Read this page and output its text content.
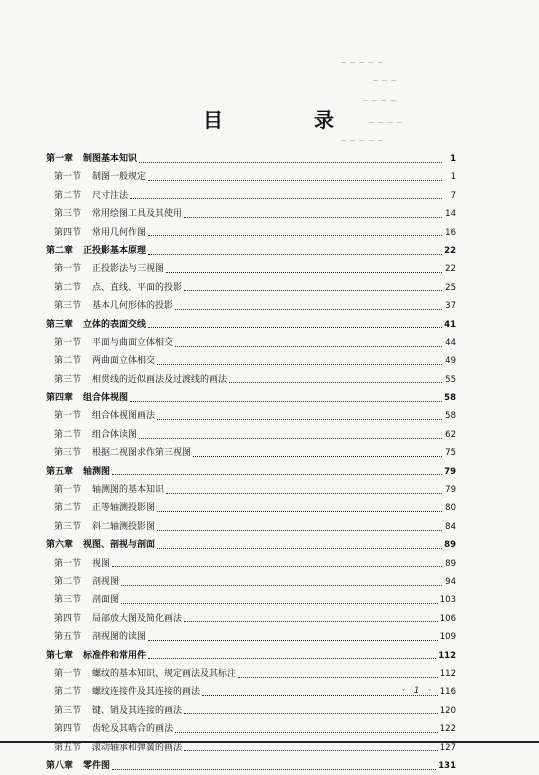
目 录
~ ~ ~ ~ ~
~ ~ ~
~ ~ ~ ~
~ ~ ~ ~
~ ~ ~ ~ ~
第一章	制图基本知识	1
第一节	制图一般规定	1
第二节	尺寸注法	7
第三节	常用绘图工具及其使用	14
第四节	常用几何作图	16
第二章	正投影基本原理	22
第一节	正投影法与三视图	22
第二节	点、直线、平面的投影	25
第三节	基本几何形体的投影	37
第三章	立体的表面交线	41
第一节	平面与曲面立体相交	44
第二节	两曲面立体相交	49
第三节	相贯线的近似画法及过渡线的画法	55
第四章	组合体视图	58
第一节	组合体视图画法	58
第二节	组合体读图	62
第三节	根据二视图求作第三视图	75
第五章	轴测图	79
第一节	轴测图的基本知识	79
第二节	正等轴测投影图	80
第三节	斜二轴测投影图	84
第六章	视图、剖视与剖面	89
第一节	视图	89
第二节	剖视图	94
第三节	剖面图	103
第四节	局部放大图及简化画法	106
第五节	剖视图的读图	109
第七章	标准件和常用件	112
第一节	螺纹的基本知识、规定画法及其标注	112
第二节	螺纹连接件及其连接的画法	116
第三节	键、销及其连接的画法	120
第四节	齿轮及其啮合的画法	122
第五节	滚动轴承和弹簧的画法	127
第八章	零件图	131
· 1 ·
